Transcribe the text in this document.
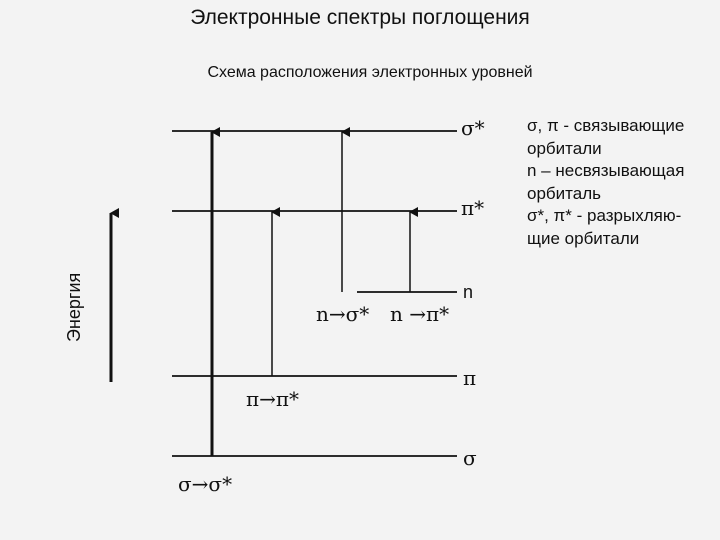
Электронные спектры поглощения
Схема расположения электронных уровней
Энергия
σ*
π*
n
π
σ
n→σ* n →π*
π→π*
σ→σ*
σ, π - связывающие
орбитали
n – несвязывающая
орбиталь
σ*, π* - разрыхляю-
щие орбитали
